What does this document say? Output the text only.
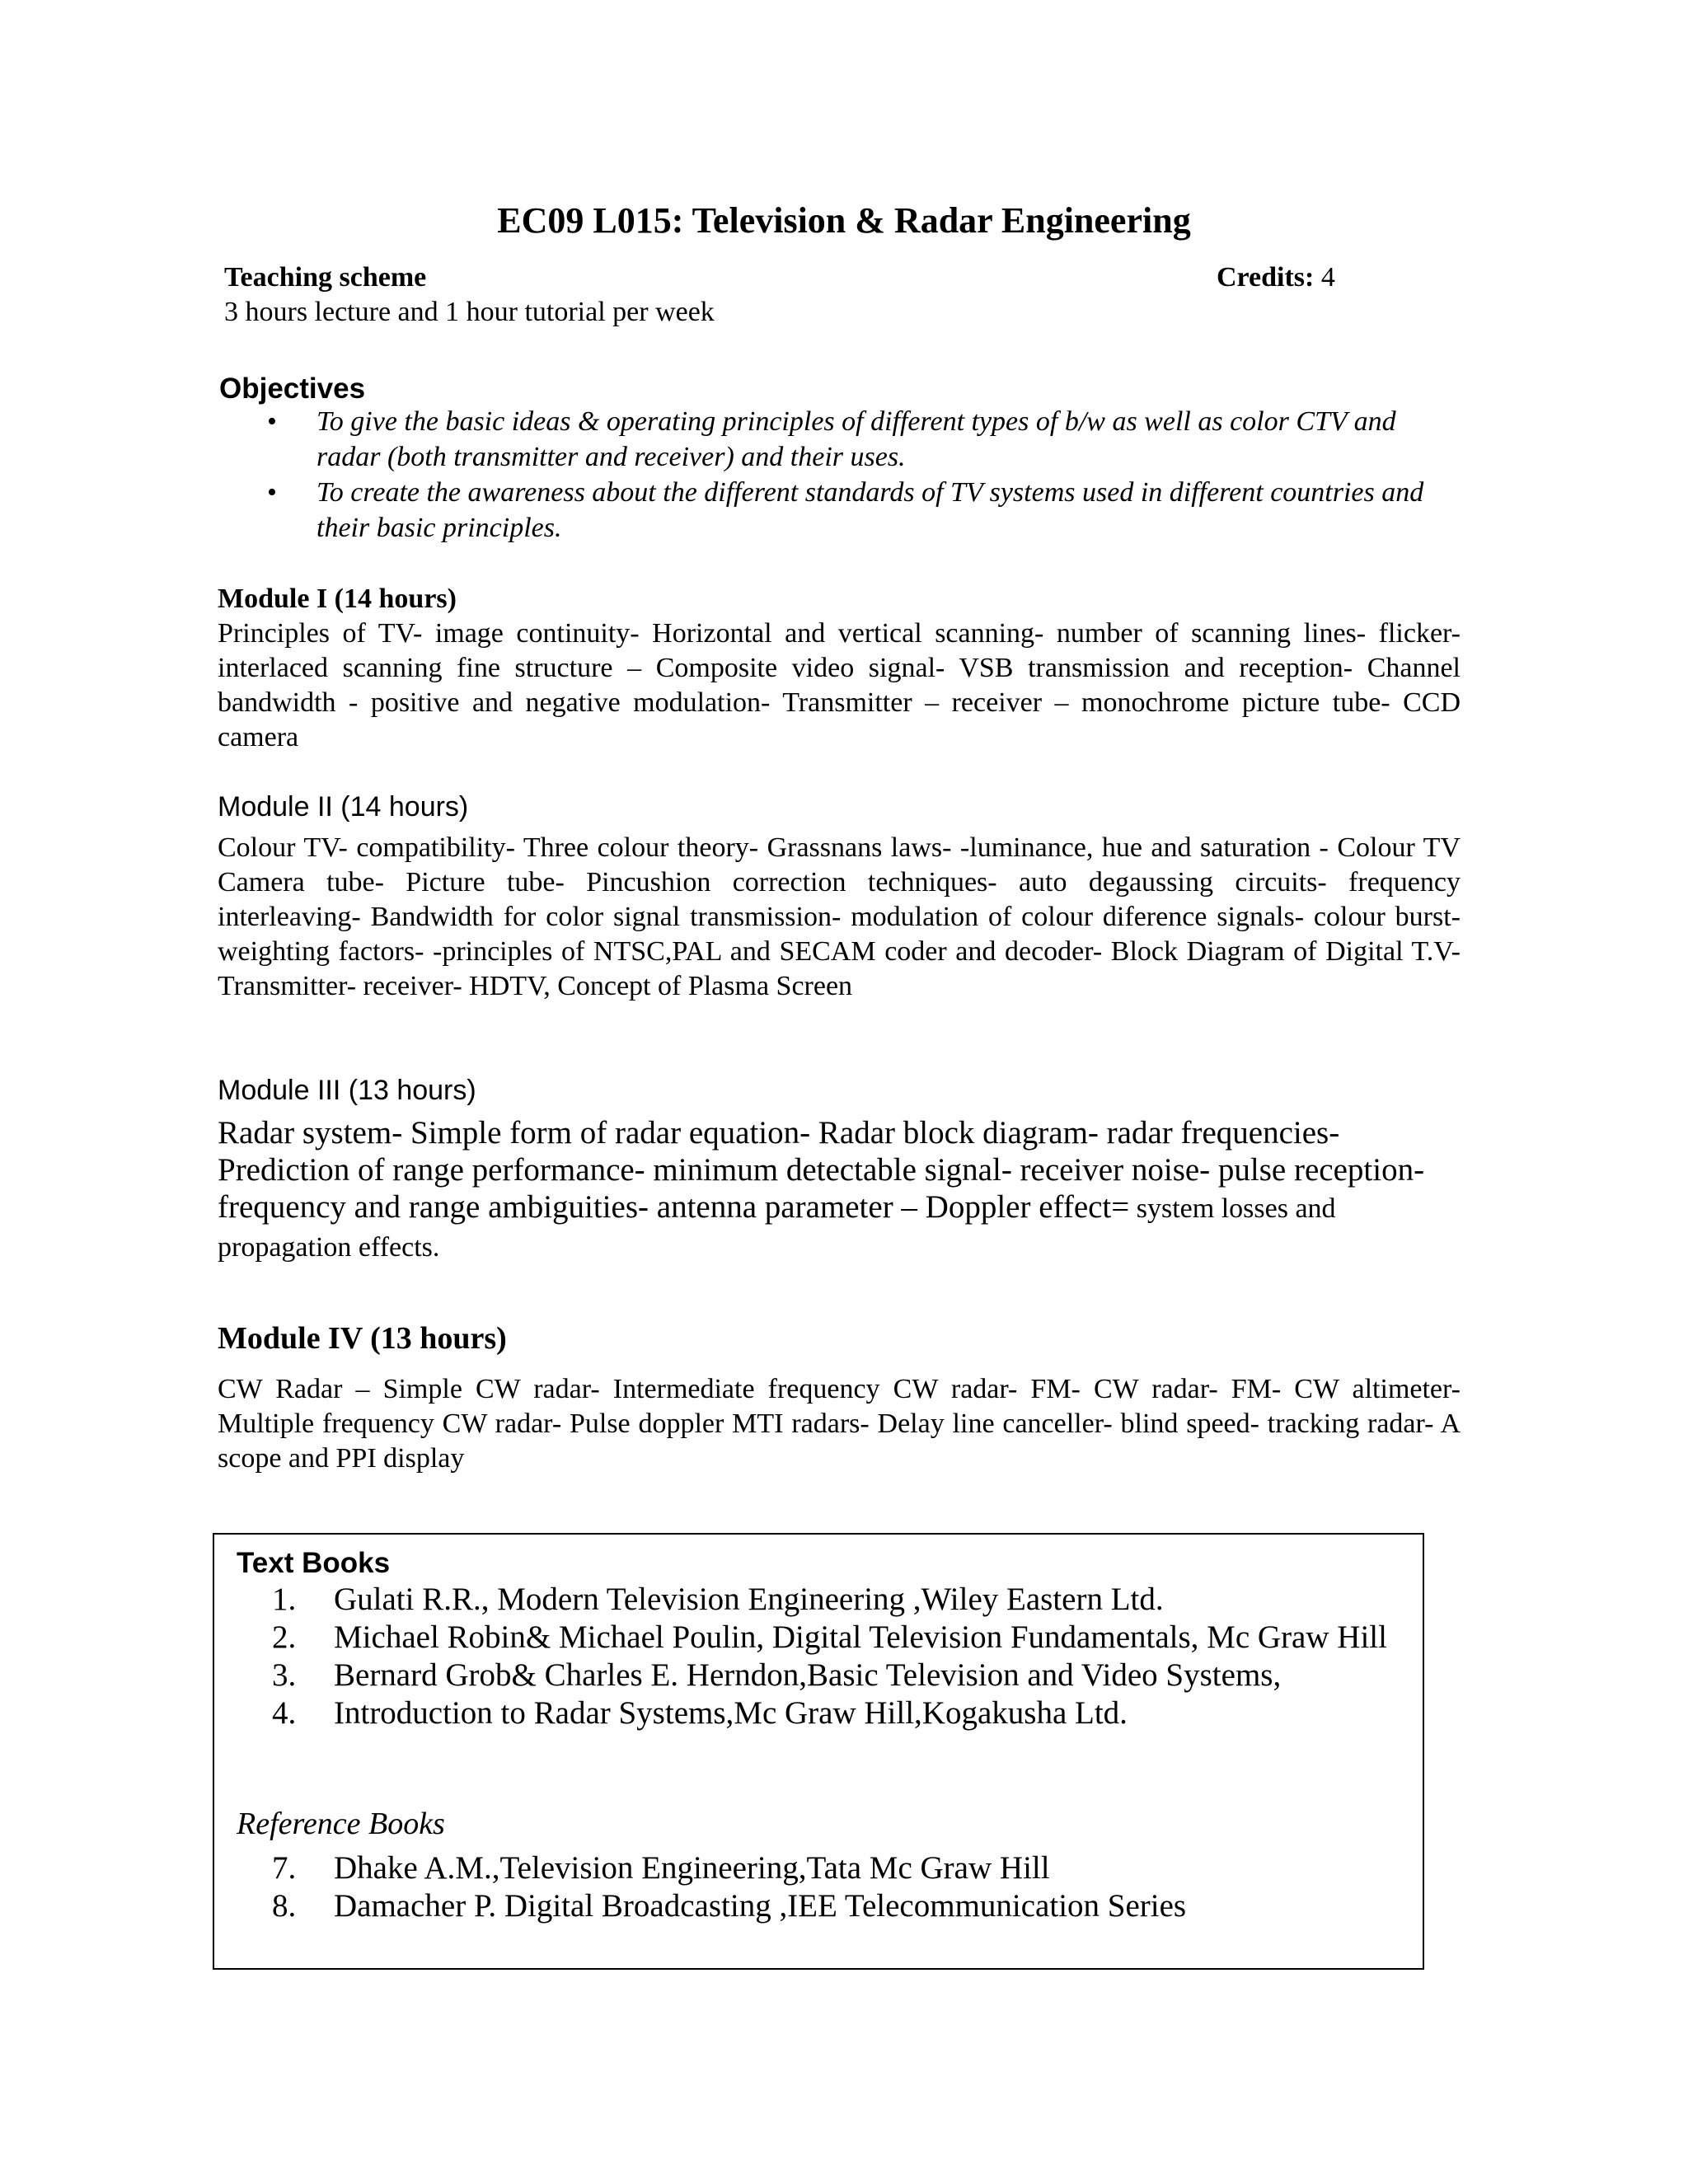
EC09 L015: Television & Radar Engineering
Teaching scheme	Credits: 4
3 hours lecture and 1 hour tutorial per week
Objectives
• To give the basic ideas & operating principles of different types of b/w as well as color CTV and radar (both transmitter and receiver) and their uses.
• To create the awareness about the different standards of TV systems used in different countries and their basic principles.
Module I (14 hours)
Principles of TV- image continuity- Horizontal and vertical scanning- number of scanning lines- flicker- interlaced scanning fine structure – Composite video signal- VSB transmission and reception- Channel bandwidth - positive and negative modulation- Transmitter – receiver – monochrome picture tube- CCD camera
Module II (14 hours)
Colour TV- compatibility- Three colour theory- Grassnans laws- -luminance, hue and saturation - Colour TV Camera tube- Picture tube- Pincushion correction techniques- auto degaussing circuits- frequency interleaving- Bandwidth for color signal transmission- modulation of colour diference signals- colour burst- weighting factors- -principles of NTSC,PAL and SECAM coder and decoder- Block Diagram of Digital T.V-Transmitter- receiver- HDTV, Concept of Plasma Screen
Module III (13 hours)
Radar system- Simple form of radar equation- Radar block diagram- radar frequencies- Prediction of range performance- minimum detectable signal- receiver noise- pulse reception- frequency and range ambiguities- antenna parameter – Doppler effect= system losses and propagation effects.
Module IV (13 hours)
CW Radar – Simple CW radar- Intermediate frequency CW radar- FM- CW radar- FM- CW altimeter- Multiple frequency CW radar- Pulse doppler MTI radars- Delay line canceller- blind speed- tracking radar- A scope and PPI display
Text Books
1.	Gulati R.R., Modern Television Engineering ,Wiley Eastern Ltd.
2.	Michael Robin& Michael Poulin, Digital Television Fundamentals, Mc Graw Hill
3.	Bernard Grob& Charles E. Herndon,Basic Television and Video Systems,
4.	Introduction to Radar Systems,Mc Graw Hill,Kogakusha Ltd.
Reference Books
7.	Dhake A.M.,Television Engineering,Tata Mc Graw Hill
8.	Damacher P. Digital Broadcasting ,IEE Telecommunication Series
